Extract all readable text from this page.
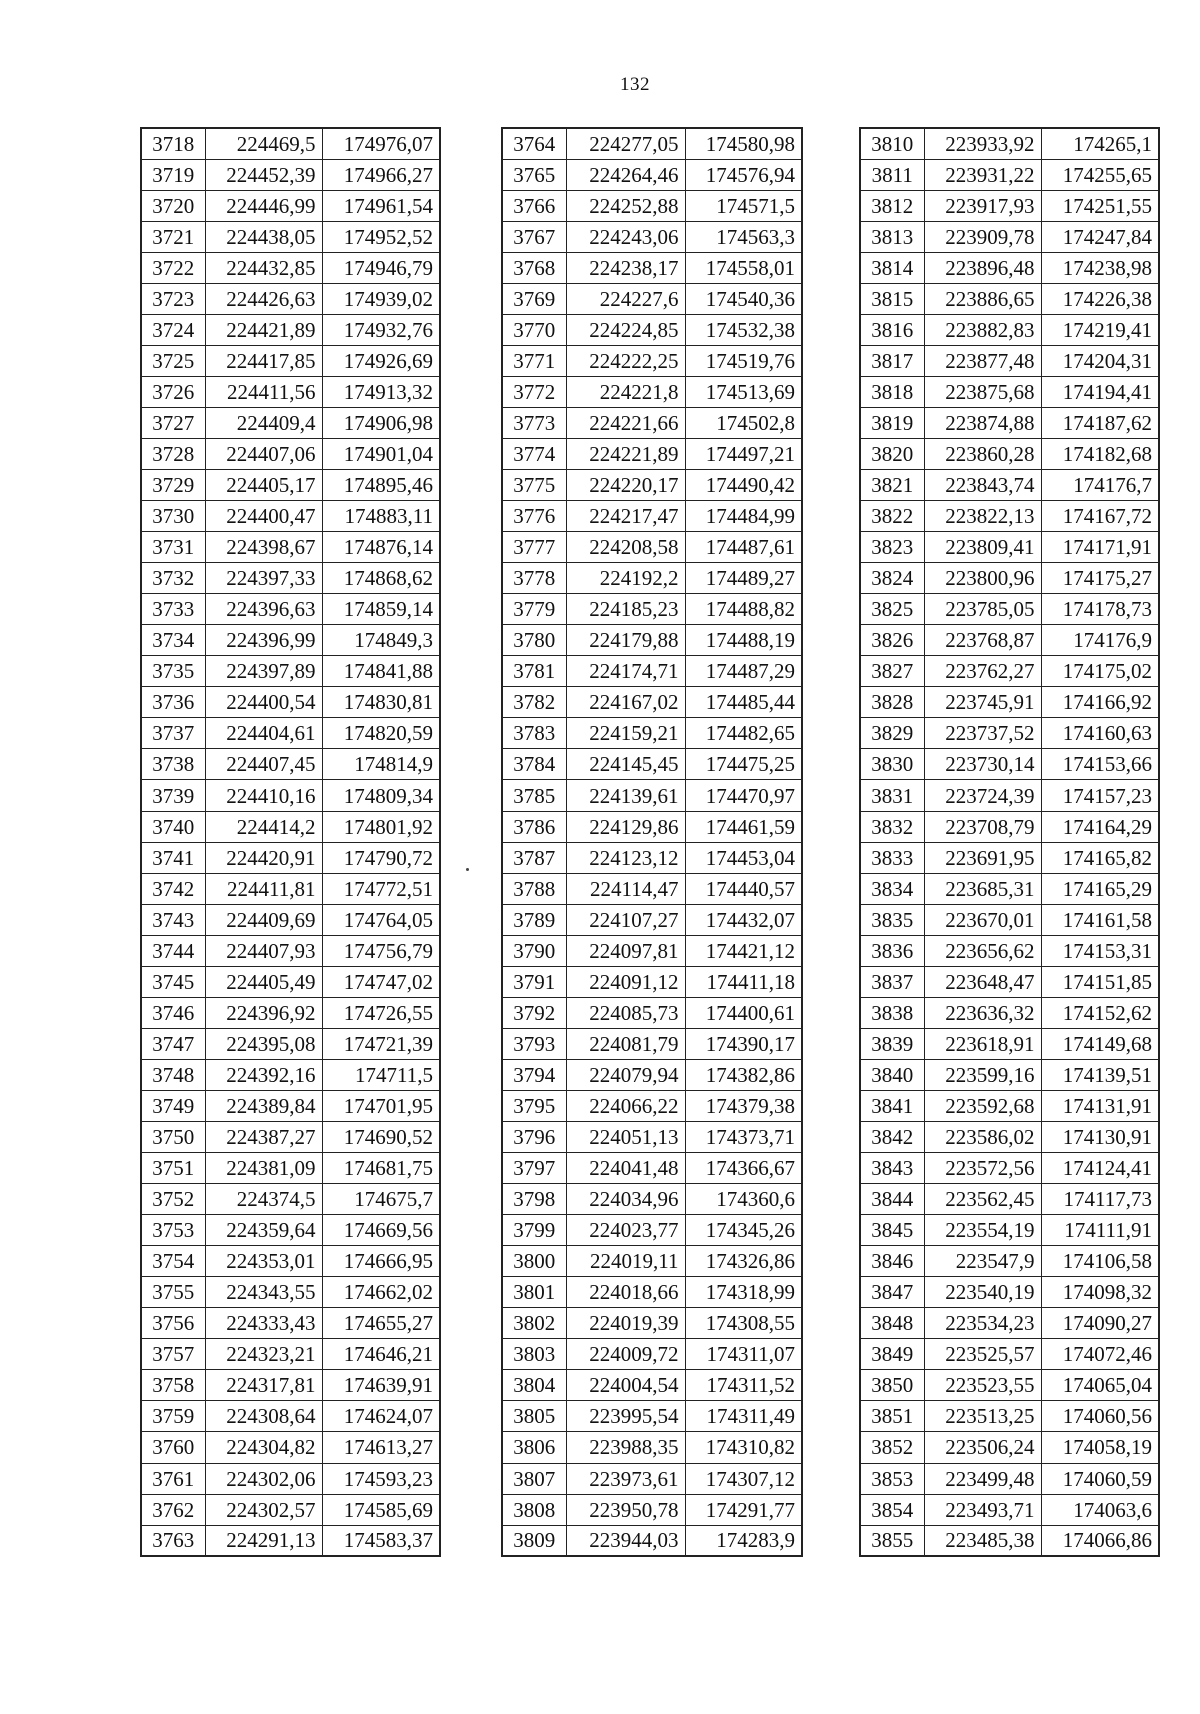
132
3718	224469,5	174976,07
3719	224452,39	174966,27
3720	224446,99	174961,54
3721	224438,05	174952,52
3722	224432,85	174946,79
3723	224426,63	174939,02
3724	224421,89	174932,76
3725	224417,85	174926,69
3726	224411,56	174913,32
3727	224409,4	174906,98
3728	224407,06	174901,04
3729	224405,17	174895,46
3730	224400,47	174883,11
3731	224398,67	174876,14
3732	224397,33	174868,62
3733	224396,63	174859,14
3734	224396,99	174849,3
3735	224397,89	174841,88
3736	224400,54	174830,81
3737	224404,61	174820,59
3738	224407,45	174814,9
3739	224410,16	174809,34
3740	224414,2	174801,92
3741	224420,91	174790,72
3742	224411,81	174772,51
3743	224409,69	174764,05
3744	224407,93	174756,79
3745	224405,49	174747,02
3746	224396,92	174726,55
3747	224395,08	174721,39
3748	224392,16	174711,5
3749	224389,84	174701,95
3750	224387,27	174690,52
3751	224381,09	174681,75
3752	224374,5	174675,7
3753	224359,64	174669,56
3754	224353,01	174666,95
3755	224343,55	174662,02
3756	224333,43	174655,27
3757	224323,21	174646,21
3758	224317,81	174639,91
3759	224308,64	174624,07
3760	224304,82	174613,27
3761	224302,06	174593,23
3762	224302,57	174585,69
3763	224291,13	174583,37
3764	224277,05	174580,98
3765	224264,46	174576,94
3766	224252,88	174571,5
3767	224243,06	174563,3
3768	224238,17	174558,01
3769	224227,6	174540,36
3770	224224,85	174532,38
3771	224222,25	174519,76
3772	224221,8	174513,69
3773	224221,66	174502,8
3774	224221,89	174497,21
3775	224220,17	174490,42
3776	224217,47	174484,99
3777	224208,58	174487,61
3778	224192,2	174489,27
3779	224185,23	174488,82
3780	224179,88	174488,19
3781	224174,71	174487,29
3782	224167,02	174485,44
3783	224159,21	174482,65
3784	224145,45	174475,25
3785	224139,61	174470,97
3786	224129,86	174461,59
3787	224123,12	174453,04
3788	224114,47	174440,57
3789	224107,27	174432,07
3790	224097,81	174421,12
3791	224091,12	174411,18
3792	224085,73	174400,61
3793	224081,79	174390,17
3794	224079,94	174382,86
3795	224066,22	174379,38
3796	224051,13	174373,71
3797	224041,48	174366,67
3798	224034,96	174360,6
3799	224023,77	174345,26
3800	224019,11	174326,86
3801	224018,66	174318,99
3802	224019,39	174308,55
3803	224009,72	174311,07
3804	224004,54	174311,52
3805	223995,54	174311,49
3806	223988,35	174310,82
3807	223973,61	174307,12
3808	223950,78	174291,77
3809	223944,03	174283,9
3810	223933,92	174265,1
3811	223931,22	174255,65
3812	223917,93	174251,55
3813	223909,78	174247,84
3814	223896,48	174238,98
3815	223886,65	174226,38
3816	223882,83	174219,41
3817	223877,48	174204,31
3818	223875,68	174194,41
3819	223874,88	174187,62
3820	223860,28	174182,68
3821	223843,74	174176,7
3822	223822,13	174167,72
3823	223809,41	174171,91
3824	223800,96	174175,27
3825	223785,05	174178,73
3826	223768,87	174176,9
3827	223762,27	174175,02
3828	223745,91	174166,92
3829	223737,52	174160,63
3830	223730,14	174153,66
3831	223724,39	174157,23
3832	223708,79	174164,29
3833	223691,95	174165,82
3834	223685,31	174165,29
3835	223670,01	174161,58
3836	223656,62	174153,31
3837	223648,47	174151,85
3838	223636,32	174152,62
3839	223618,91	174149,68
3840	223599,16	174139,51
3841	223592,68	174131,91
3842	223586,02	174130,91
3843	223572,56	174124,41
3844	223562,45	174117,73
3845	223554,19	174111,91
3846	223547,9	174106,58
3847	223540,19	174098,32
3848	223534,23	174090,27
3849	223525,57	174072,46
3850	223523,55	174065,04
3851	223513,25	174060,56
3852	223506,24	174058,19
3853	223499,48	174060,59
3854	223493,71	174063,6
3855	223485,38	174066,86
